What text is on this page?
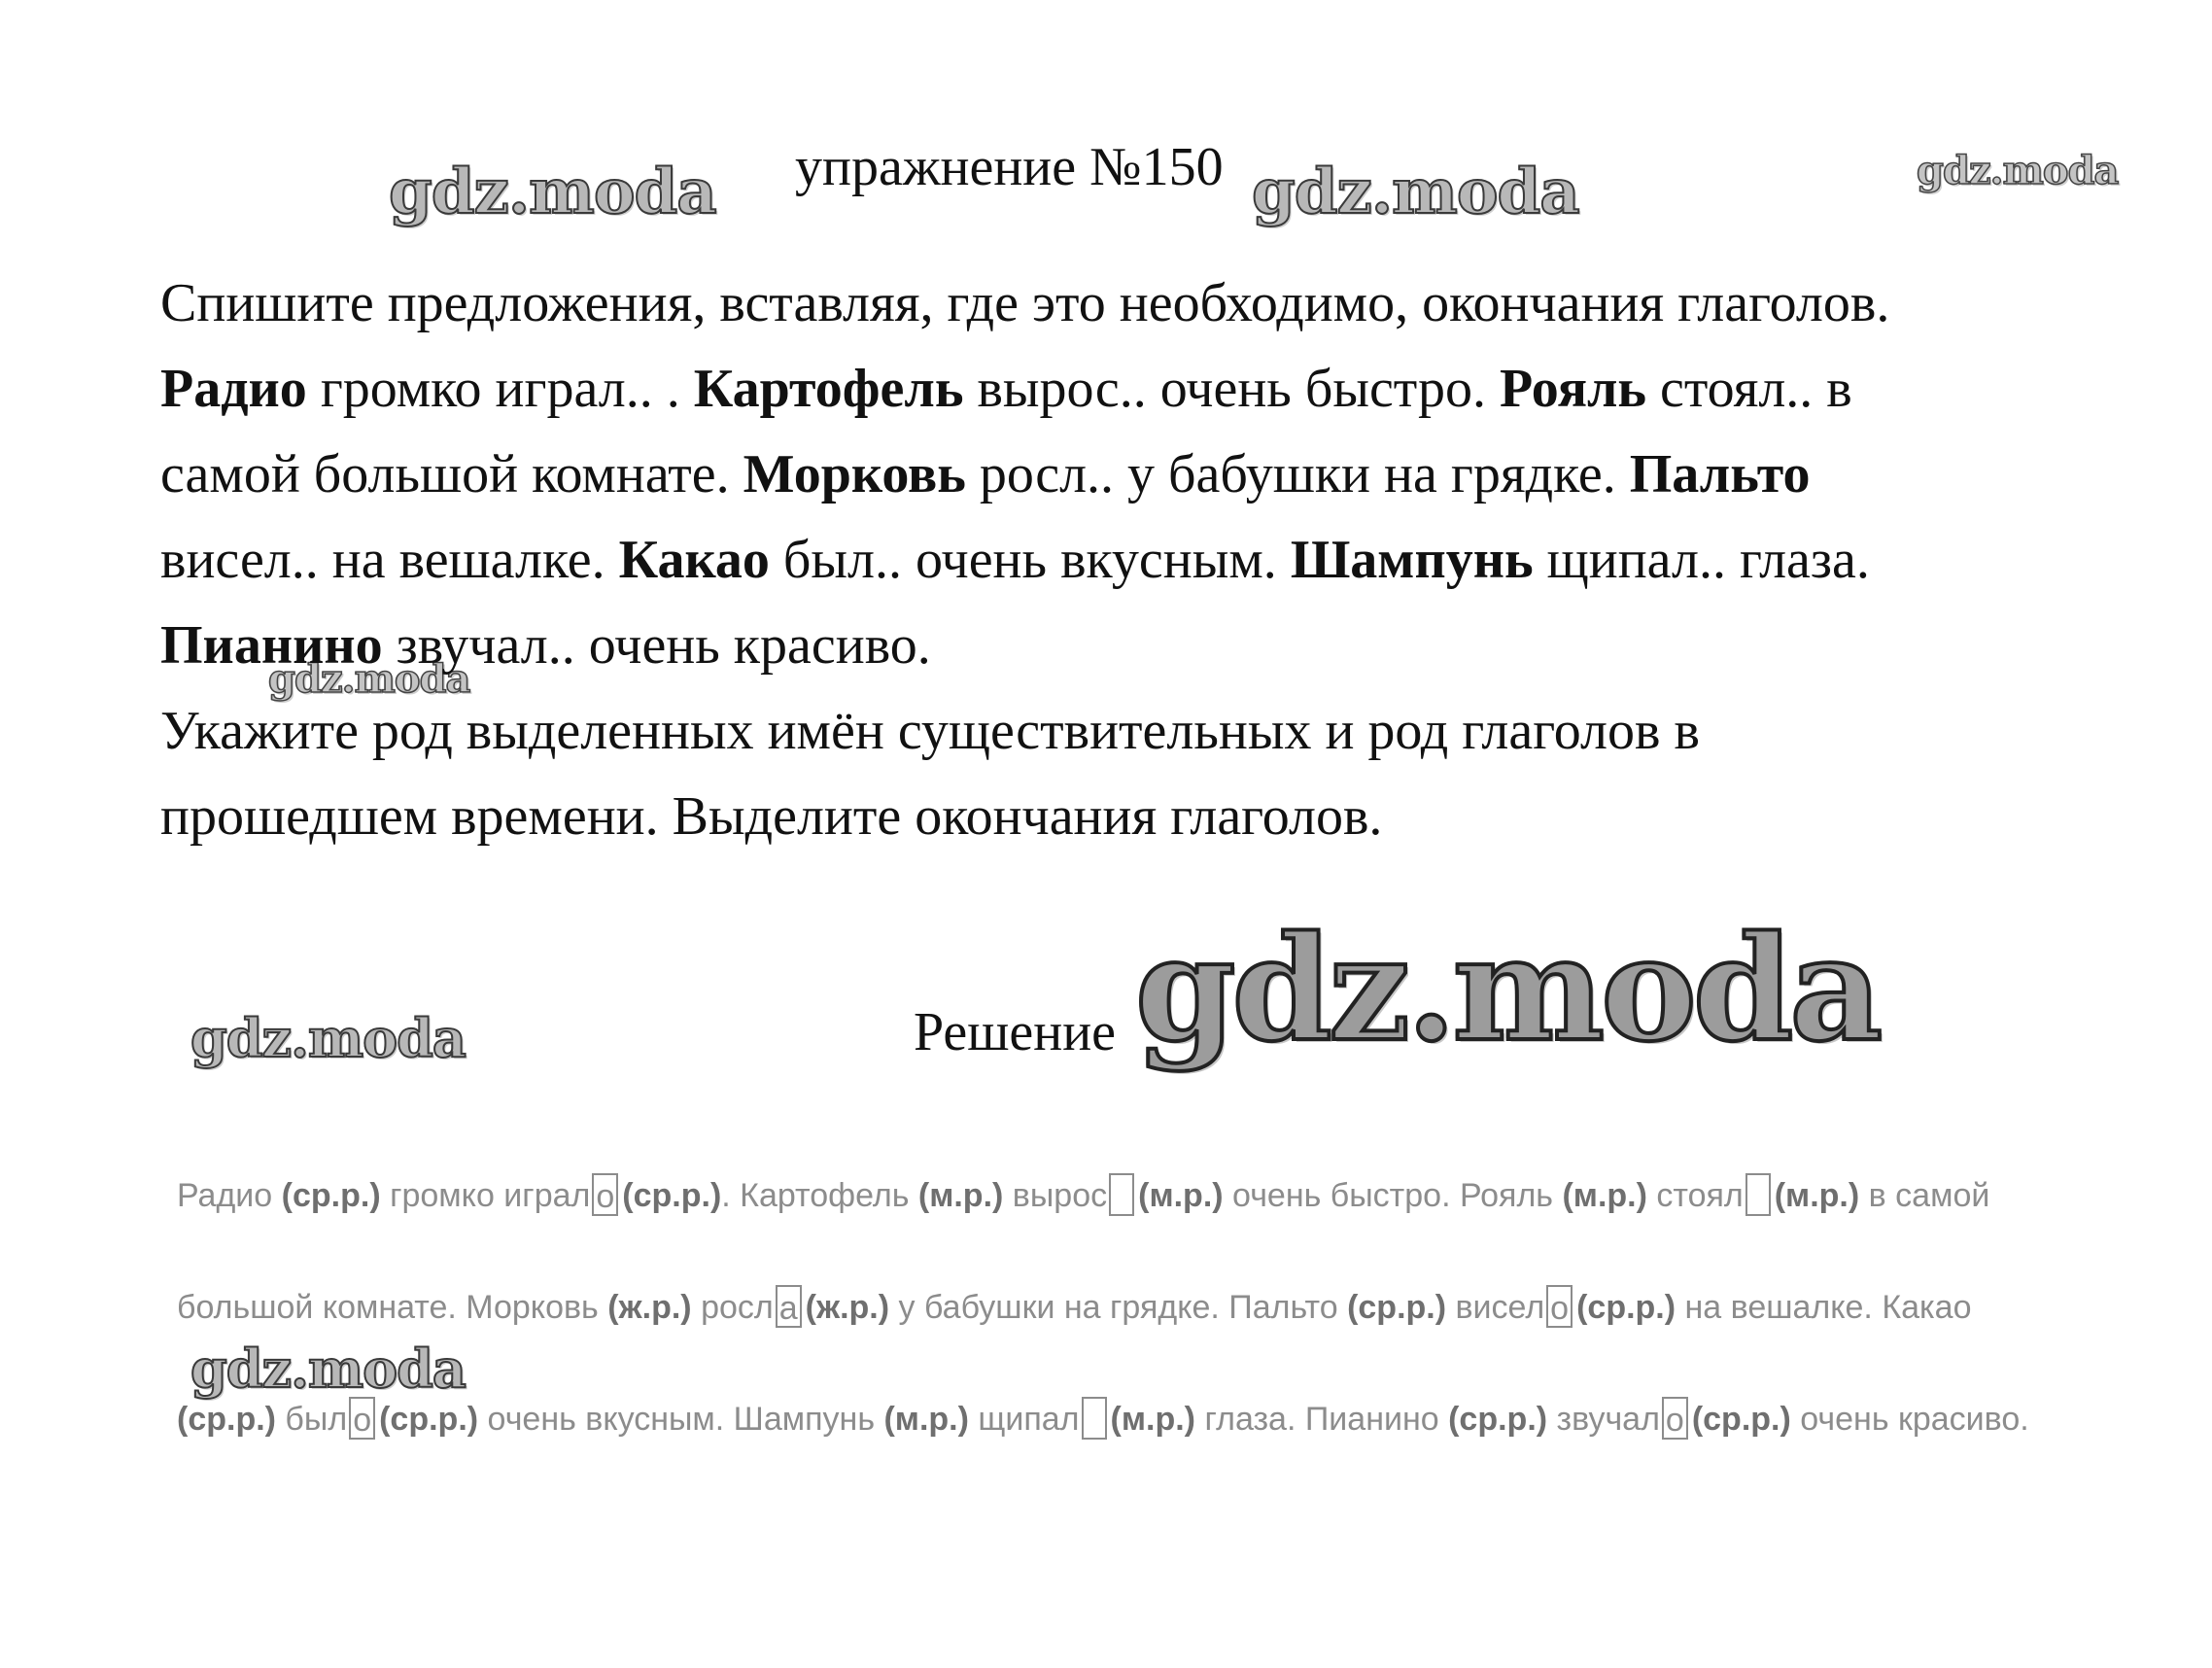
gdz.moda	gdz.moda	gdz.moda
gdz.moda
gdz.moda	gdz.moda
gdz.moda
упражнение №150

Спишите предложения, вставляя, где это необходимо, окончания глаголов.

Радио громко играл.. . Картофель вырос.. очень быстро. Рояль стоял.. в самой большой комнате. Морковь росл.. у бабушки на грядке. Пальто висел.. на вешалке. Какао был.. очень вкусным. Шампунь щипал.. глаза. Пианино звучал.. очень красиво.

Укажите род выделенных имён существительных и род глаголов в прошедшем времени. Выделите окончания глаголов.

Решение
Радио (ср.р.) громко играл о (ср.р.). Картофель (м.р.) вырос (м.р.) очень быстро. Рояль (м.р.) стоял (м.р.) в самой
большой комнате. Морковь (ж.р.) росл а (ж.р.) у бабушки на грядке. Пальто (ср.р.) висел о (ср.р.) на вешалке. Какао
(ср.р.) был о (ср.р.) очень вкусным. Шампунь (м.р.) щипал (м.р.) глаза. Пианино (ср.р.) звучал о (ср.р.) очень красиво.
